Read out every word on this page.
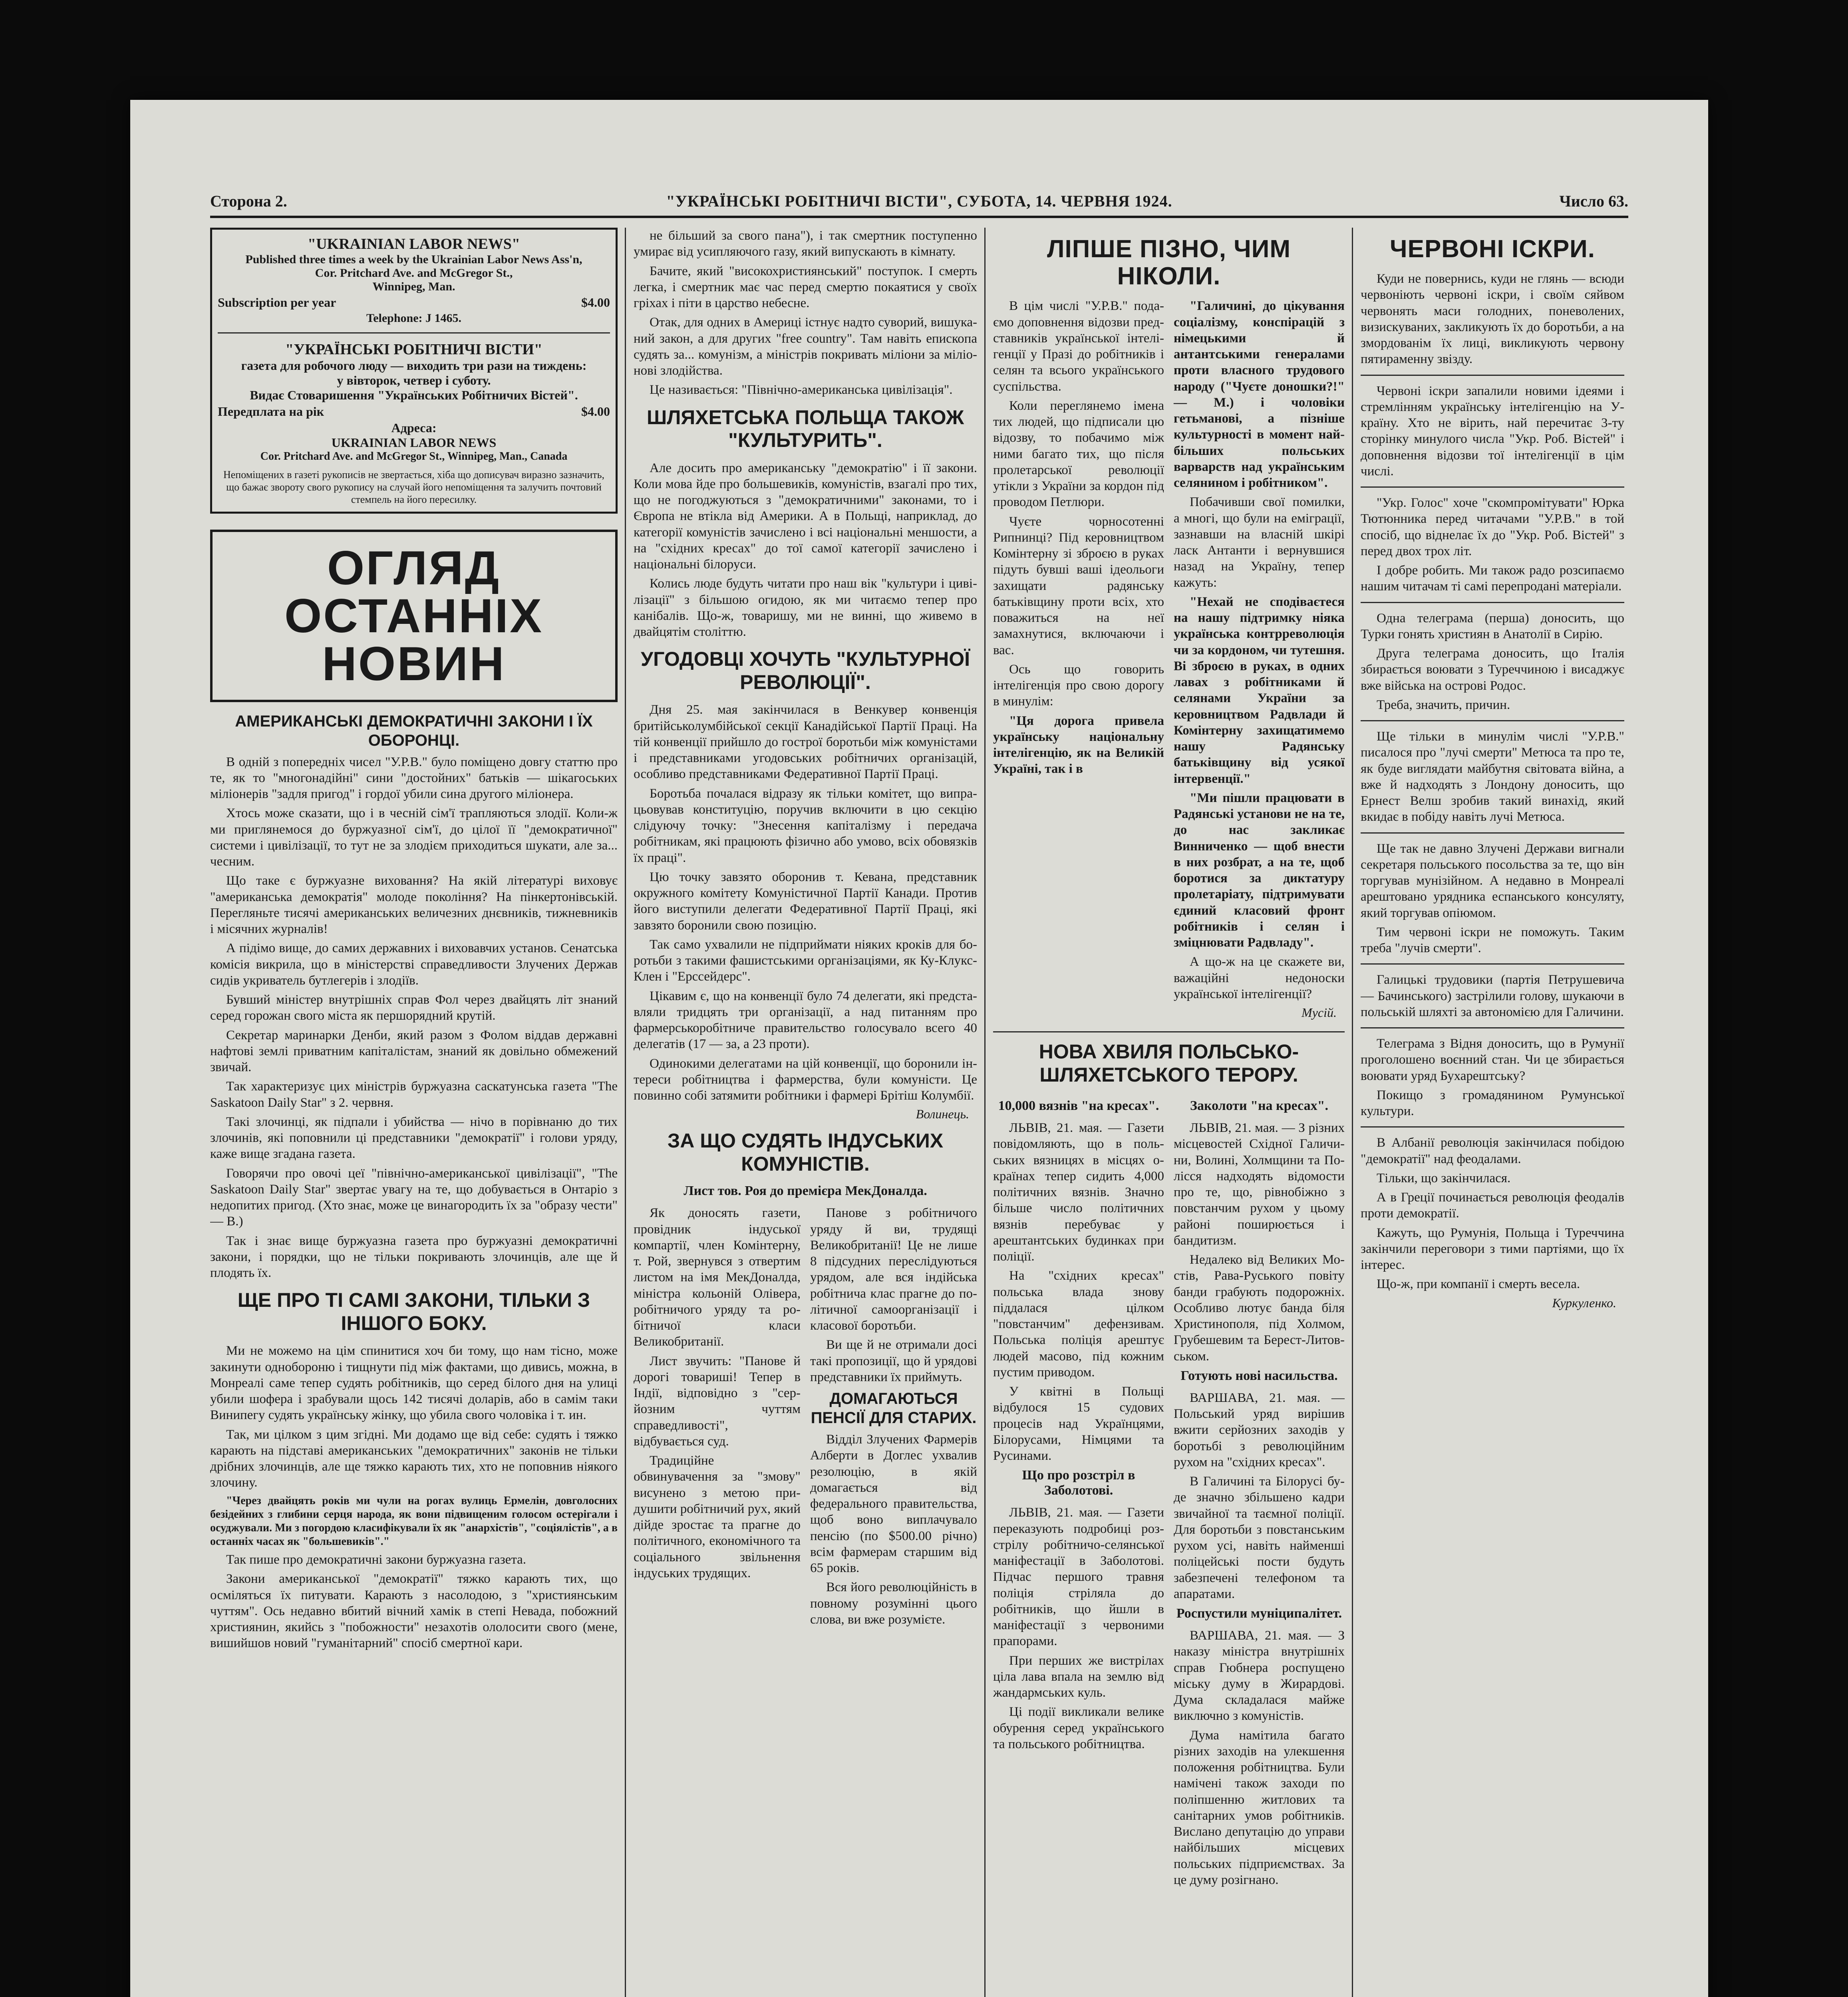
Сторона 2.	"УКРАЇНСЬКІ РОБІТНИЧІ ВІСТИ", СУБОТА, 14. ЧЕРВНЯ 1924.	Число 63.
"UKRAINIAN LABOR NEWS"
Published three times a week by the Ukrainian Labor News Ass'n,
Cor. Pritchard Ave. and McGregor St.,
Winnipeg, Man.
Subscription per year	$4.00
Telephone: J 1465.
"УКРАЇНСЬКІ РОБІТНИЧІ ВІСТИ"
газета для робочого люду — виходить три рази на тиждень:
у вівторок, четвер і суботу.
Видає Стоваришення "Українських Робітничих Вістей".
Передплата на рік	$4.00
Адреса:
UKRAINIAN LABOR NEWS
Cor. Pritchard Ave. and McGregor St., Winnipeg, Man., Canada
Непоміщених в газеті рукописів не звертається, хіба що дописувач виразно зазначить, що бажає звороту свого рукопису на случай його непоміщення та залучить почтовий стемпель на його пересилку.
ОГЛЯД ОСТАННІХ НОВИН
АМЕРИКАНСЬКІ ДЕМОКРАТИЧНІ ЗАКОНИ І ЇХ ОБОРОНЦІ.

В одній з попередніх чисел "У.Р.В." було поміщено довгу статтю про те, як то "многонадійні" сини "достойних" батьків — шікагоських міліонерів "задля пригод" і гордої убили сина другого міліонера.

Хтось може сказати, що і в чесній сім'ї трапляються злодії. Коли-ж ми приглянемося до буржуазної сім'ї, до цілої її "демократичної" системи і цивілізації, то тут не за злодієм приходиться шукати, але за... чесним.

Що таке є буржуазне виховання? На якій літературі виховує "американська демократія" молоде покоління? На пінкертонівській. Перегляньте тисячі американських величезних днєвників, тижневників і місячних журналів!

А підімо вище, до самих державних і виховавчих установ. Сенатська комісія викрила, що в міністерстві справедливости Злучених Держав сидів укриватель бутлегерів і злодіїв.

Бувший міністер внутрішніх справ Фол через двайцять літ знаний серед горожан свого міста як першорядний крутій.

Секретар маринарки Денби, який разом з Фолом віддав державні нафтові землі приватним капіталістам, знаний як довільно обмежений звичай.

Так характеризує цих міністрів буржуазна саскатунська газета "The Saskatoon Daily Star" з 2. червня.

Такі злочинці, як підпали і убийства — нічо в порівнаню до тих злочинів, які поповнили ці представники "демократії" і голови уряду, каже вище згадана газета.

Говорячи про овочі цеї "північно-американської цивілізації", "The Saskatoon Daily Star" звертає увагу на те, що добувається в Онтаріо з недопитих пригод. (Хто знає, може це винагородить їх за "образу чести" — В.)

Так і знає вище буржуазна газета про буржуазні демократичні закони, і порядки, що не тільки покривають злочинців, але ще й плодять їх.

ЩЕ ПРО ТІ САМІ ЗАКОНИ, ТІЛЬКИ З ІНШОГО БОКУ.

Ми не можемо на цім спинитися хоч би тому, що нам тісно, може закинути однобороню і тищнути під між фактами, що дивись, можна, в Монреалі саме тепер судять робітників, що серед білого дня на улиці убили шофера і зрабували щось 142 тисячі доларів, або в самім таки Винипегу судять українську жінку, що убила свого чоловіка і т. ин.

Так, ми цілком з цим згідні. Ми додамо ще від себе: судять і тяжко карають на підставі американських "демократичних" законів не тільки дрібних злочинців, але ще тяжко карають тих, хто не поповнив ніякого злочину.

"Через двайцять років ми чули на рогах вулиць Ермелін, довголосних безідейних з глибини серця народа, як вони підвищеним голосом остерігали і осуджували. Ми з погордою класифікували їх як "анархістів", "соціялістів", а в останніх часах як "большевиків"."

Так пише про демократичні закони буржуазна газета.

Закони американської "демократії" тяжко карають тих, що осміляться їх питувати. Карають з насолодою, з "християнським чуттям". Ось недавно вбитий вічний хамік в степі Невада, побожний християнин, якийсь з "побожности" незахотів ололосити свого (мене, вишийшов новий "гуманітарний" спосіб смертної кари.

не більший за свого пана"), і так смертник поступенно умирає від усипляючого газу, який випускають в кімнату.

Бачите, який "високохристиянський" поступок. І смерть легка, і смертник має час перед смертю покаятися у своїх гріхах і піти в царство небесне.

Отак, для одних в Америці істнує надто суворий, вишуканий закон, а для других "free country". Там навіть епископа судять за... комунізм, а міністрів покривать міліони за міліонові злодійства.

Це називається: "Північно-американська цивілізація".

ШЛЯХЕТСЬКА ПОЛЬЩА ТАКОЖ "КУЛЬТУРИТЬ".

Але досить про американську "демократію" і її закони. Коли мова йде про большевиків, комуністів, взагалі про тих, що не погоджуються з "демократичними" законами, то і Європа не втікла від Америки. А в Польщі, наприклад, до категорії комуністів зачислено і всі національні меншости, а на "східних кресах" до тої самої категорії зачислено і національні білоруси.

Колись люде будуть читати про наш вік "культури і цивілізації" з більшою огидою, як ми читаємо тепер про канібалів. Що-ж, товаришу, ми не винні, що живемо в двайцятім століттю.

УГОДОВЦІ ХОЧУТЬ "КУЛЬТУРНОЇ РЕВОЛЮЦІЇ".

Дня 25. мая закінчилася в Венкувер конвенція бритійськолумбійської секції Канадійської Партії Праці. На тій конвенції прийшло до гострої боротьби між комуністами і представниками угодовських робітничих організацій, особливо представниками Федеративної Партії Праці.

Боротьба почалася відразу як тільки комітет, що випрацьовував конституцію, поручив включити в цю секцію слідуючу точку: "Знесення капіталізму і передача робітникам, які працюють фізично або умово, всіх обовязків їх праці".

Цю точку завзято оборонив т. Кевана, представник окружного комітету Комуністичної Партії Канади. Против його виступили делегати Федеративної Партії Праці, які завзято боронили свою позицію.

Так само ухвалили не підприймати ніяких кроків для боротьби з такими фашистськими організаціями, як Ку-Клукс-Клен і "Ерссейдерс".

Цікавим є, що на конвенції було 74 делегати, які представляли тридцять три організації, а над питанням про фармерськоробітниче правительство голосувало всего 40 делегатів (17 — за, а 23 проти).

Одинокими делегатами на цій конвенції, що боронили інтереси робітництва і фармерства, були комуністи. Це повинно собі затямити робітники і фармері Брітіш Колумбії.

Волинець.
ЗА ЩО СУДЯТЬ ІНДУСЬКИХ КОМУНІСТІВ.
Лист тов. Роя до премієра МекДоналда.

Як доносять газети, провідник індуської компартії, член Комінтерну, т. Рой, звернувся з отвертим листом на імя МекДоналда, міністра кольоній Олівера, робітничого уряду та робітничої класи Великобританії.

Лист звучить: "Панове й дорогі товариші! Тепер в Індії, відповідно з "серйозним чуттям справедливості", відбувається суд.

Традиційне обвинувачення за "змову" висунено з метою придушити робітничий рух, який дійде зростає та прагне до політичного, економічного та соціального звільнення індуських трудящих.

Панове з робітничого уряду й ви, трудящі Великобританії! Це не лише 8 підсудних переслідуються урядом, але вся індійська робітнича клас прагне до політичної самоорганізації і класової боротьби.

Ви ще й не отримали досі такі пропозиції, що й урядові представники їх приймуть.

ДОМАГАЮТЬСЯ ПЕНСІЇ ДЛЯ СТАРИХ.

Відділ Злучених Фармерів Алберти в Доглес ухвалив резолюцію, в якій домагається від федерального правительства, щоб воно виплачувало пенсію (по $500.00 річно) всім фармерам старшим від 65 років.

Вся його революційність в повному розумінні цього слова, ви вже розумієте.

ЛІПШЕ ПІЗНО, ЧИМ НІКОЛИ.

В цім числі "У.Р.В." подаємо доповнення відозви представників української інтелігенції у Празі до робітників і селян та всього українського суспільства.

Коли переглянемо імена тих людей, що підписали цю відозву, то побачимо між ними багато тих, що після пролетарської революції утікли з України за кордон під проводом Петлюри.

Чуєте чорносотенні Рипнинці? Під керовництвом Комінтерну зі зброєю в руках підуть бувші ваші ідеольоги захищати радянську батьківщину проти всіх, хто поважиться на неї замахнутися, включаючи і вас.

Ось що говорить інтелігенція про свою дорогу в минулім:

"Ця дорога привела українську національну інтелігенцію, як на Великій Україні, так і в

"Галичині, до цікування соціалізму, конспірацій з німецькими й антантськими генералами проти власного трудового народу ("Чуєте доношки?!" — М.) і чоловіки гетьманові, а пізніше культурності в момент найбільших польських варварств над українським селянином і робітником".

Побачивши свої помилки, а многі, що були на еміграції, зазнавши на власній шкірі ласк Антанти і вернувшися назад на Україну, тепер кажуть:

"Нехай не сподіваєтеся на нашу підтримку ніяка українська контрреволюція чи за кордоном, чи тутешня. Ві зброєю в руках, в одних лавах з робітниками й селянами України за керовництвом Радвлади й Комінтерну захищатимемо нашу Радянську батьківщину від усякої інтервенції."

"Ми пішли працювати в Радянські установи не на те, до нас закликає Винниченко — щоб внести в них розбрат, а на те, щоб боротися за диктатуру пролетаріату, підтримувати єдиний класовий фронт робітників і селян і зміцнювати Радвладу".

А що-ж на це скажете ви, важаційні недоноски української інтелігенції?

Мусій.
НОВА ХВИЛЯ ПОЛЬСЬКО-ШЛЯХЕТСЬКОГО ТЕРОРУ.
10,000 вязнів "на кресах".

ЛЬВІВ, 21. мая. — Газети повідомляють, що в польських вязницях в місцях окраїнах тепер сидить 4,000 політичних вязнів. Значно більше число політичних вязнів перебуває у арештантських будинках при поліції.

На "східних кресах" польська влада знову піддалася цілком "повстанчим" дефензивам. Польська поліція арештує людей масово, під кожним пустим приводом.

У квітні в Польщі відбулося 15 судових процесів над Українцями, Білорусами, Німцями та Русинами.

Що про розстріл в Заболотові.

ЛЬВІВ, 21. мая. — Газети переказують подробиці розстрілу робітничо-селянської маніфестації в Заболотові. Підчас першого травня поліція стріляла до робітників, що йшли в маніфестації з червоними прапорами.

При перших же вистрілах ціла лава впала на землю від жандармських куль.

Ці події викликали велике обурення серед українського та польського робітництва.

Заколоти "на кресах".

ЛЬВІВ, 21. мая. — З різних місцевостей Східної Галичини, Волині, Холмщини та Полісся надходять відомости про те, що, рівнобіжно з повстанчим рухом у цьому районі поширюється і бандитизм.

Недалеко від Великих Мостів, Рава-Руського повіту банди грабують подорожніх. Особливо лютує банда біля Христинополя, під Холмом, Грубешевим та Берест-Литовськом.

Готують нові насильства.

ВАРШАВА, 21. мая. — Польський уряд вирішив вжити серйозних заходів у боротьбі з революційним рухом на "східних кресах".

В Галичині та Білорусі буде значно збільшено кадри звичайної та таємної поліції. Для боротьби з повстанським рухом усі, навіть найменші поліцейські пости будуть забезпечені телефоном та апаратами.

Роспустили муніципалітет.

ВАРШАВА, 21. мая. — З наказу міністра внутрішніх справ Гюбнера роспущено міську думу в Жирардові. Дума складалася майже виключно з комуністів.

Дума намітила багато різних заходів на улекшення положення робітництва. Були намічені також заходи по поліпшенню житлових та санітарних умов робітників. Вислано депутацію до управи найбільших місцевих польських підприємствах. За це думу розігнано.

ЧЕРВОНІ ІСКРИ.

Куди не повернись, куди не глянь — всюди червоніють червоні іскри, і своїм сяйвом червонять маси голодних, поневолених, визискуваних, закликують їх до боротьби, а на змордованім їх лиці, викликують червону пятираменну звізду.

Червоні іскри запалили новими ідеями і стремлінням українську інтелігенцію на Україну. Хто не вірить, най перечитає 3-ту сторінку минулого числа "Укр. Роб. Вістей" і доповнення відозви тої інтелігенції в цім числі.

"Укр. Голос" хоче "скомпромітувати" Юрка Тютюнника перед читачами "У.Р.В." в той спосіб, що віднелає їх до "Укр. Роб. Вістей" з перед двох трох літ.

І добре робить. Ми також радо розсипаємо нашим читачам ті самі перепродані матеріали.

Одна телеграма (перша) доносить, що Турки гонять християн в Анатолії в Сирію.

Друга телеграма доносить, що Італія збирається воювати з Туреччиною і висаджує вже війська на острові Родос.

Треба, значить, причин.

Ще тільки в минулім числі "У.Р.В." писалося про "лучі смерти" Метюса та про те, як буде виглядати майбутня світовата війна, а вже й надходять з Лондону доносить, що Ернест Велш зробив такий винахід, який вкидає в побіду навіть лучі Метюса.

Ще так не давно Злучені Держави вигнали секретаря польського посольства за те, що він торгував мунізійном. А недавно в Монреалі арештовано урядника еспанського консуляту, який торгував опіюмом.

Тим червоні іскри не поможуть. Таким треба "лучів смерти".

Галицькі трудовики (партія Петрушевича — Бачинського) застрілили голову, шукаючи в польській шляхті за автономією для Галичини.

Телеграма з Відня доносить, що в Румунії проголошено воєнний стан. Чи це збирається воювати уряд Бухарештську?

Покищо з громадянином Румунської культури.

В Албанії революція закінчилася побідою "демократії" над феодалами.

Тільки, що закінчилася.

А в Греції починається революція феодалів проти демократії.

Кажуть, що Румунія, Польща і Туреччина закінчили переговори з тими партіями, що їх інтерес.

Що-ж, при компанії і смерть весела.

Куркуленко.
